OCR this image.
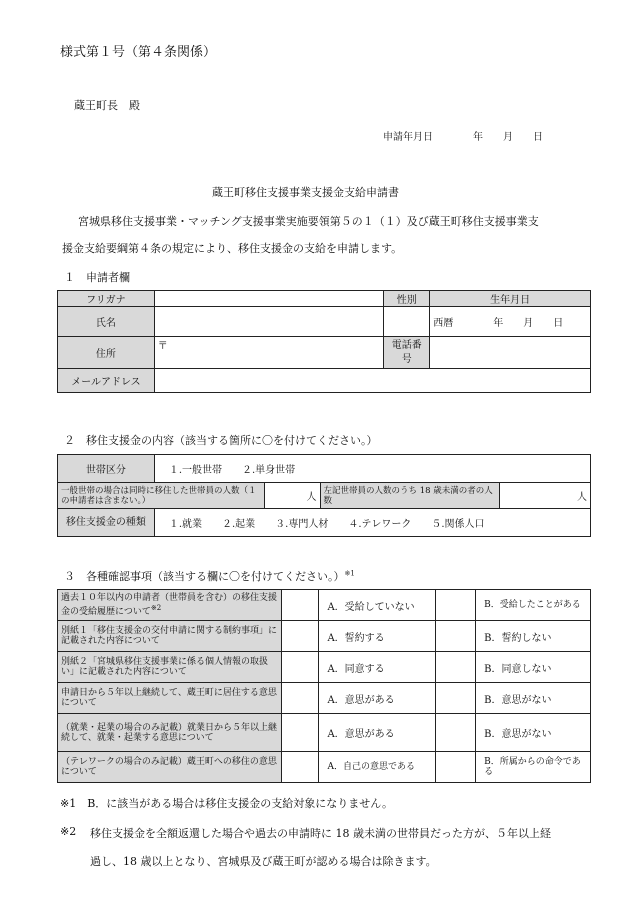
様式第１号（第４条関係）
蔵王町長　殿
申請年月日　　　　年　　月　　日
蔵王町移住支援事業支援金支給申請書
宮城県移住支援事業・マッチング支援事業実施要領第５の１（１）及び蔵王町移住支援事業支
援金支給要綱第４条の規定により、移住支援金の支給を申請します。
１　申請者欄
フリガナ		性別	生年月日
氏名			西暦　　　　年　　月　　日
住所	〒	電話番号	
メールアドレス			
２　移住支援金の内容（該当する箇所に〇を付けてください。）
世帯区分	１.一般世帯　　２.単身世帯			
一般世帯の場合は同時に移住した世帯員の人数（１の申請者は含まない。）		人	左記世帯員の人数のうち 18 歳未満の者の人数	人
移住支援金の種類	１.就業　　２.起業　　３.専門人材　　４.テレワーク　　５.関係人口			
３　各種確認事項（該当する欄に〇を付けてください。）$^{※1}$
過去１０年以内の申請者（世帯員を含む）の移住支援金の受給履歴について$^{※2}$		A．受給していない		B．受給したことがある
別紙１「移住支援金の交付申請に関する制約事項」に記載された内容について		A．誓約する		B．誓約しない
別紙２「宮城県移住支援事業に係る個人情報の取扱い」に記載された内容について		A．同意する		B．同意しない
申請日から５年以上継続して、蔵王町に居住する意思について		A．意思がある		B．意思がない
（就業・起業の場合のみ記載）就業日から５年以上継続して、就業・起業する意思について		A．意思がある		B．意思がない
（テレワークの場合のみ記載）蔵王町への移住の意思について		A．自己の意思である		B．所属からの命令である
※1　 B．に該当がある場合は移住支援金の支給対象になりません。
※2 移住支援金を全額返還した場合や過去の申請時に 18 歳未満の世帯員だった方が、５年以上経
過し、18 歳以上となり、宮城県及び蔵王町が認める場合は除きます。
